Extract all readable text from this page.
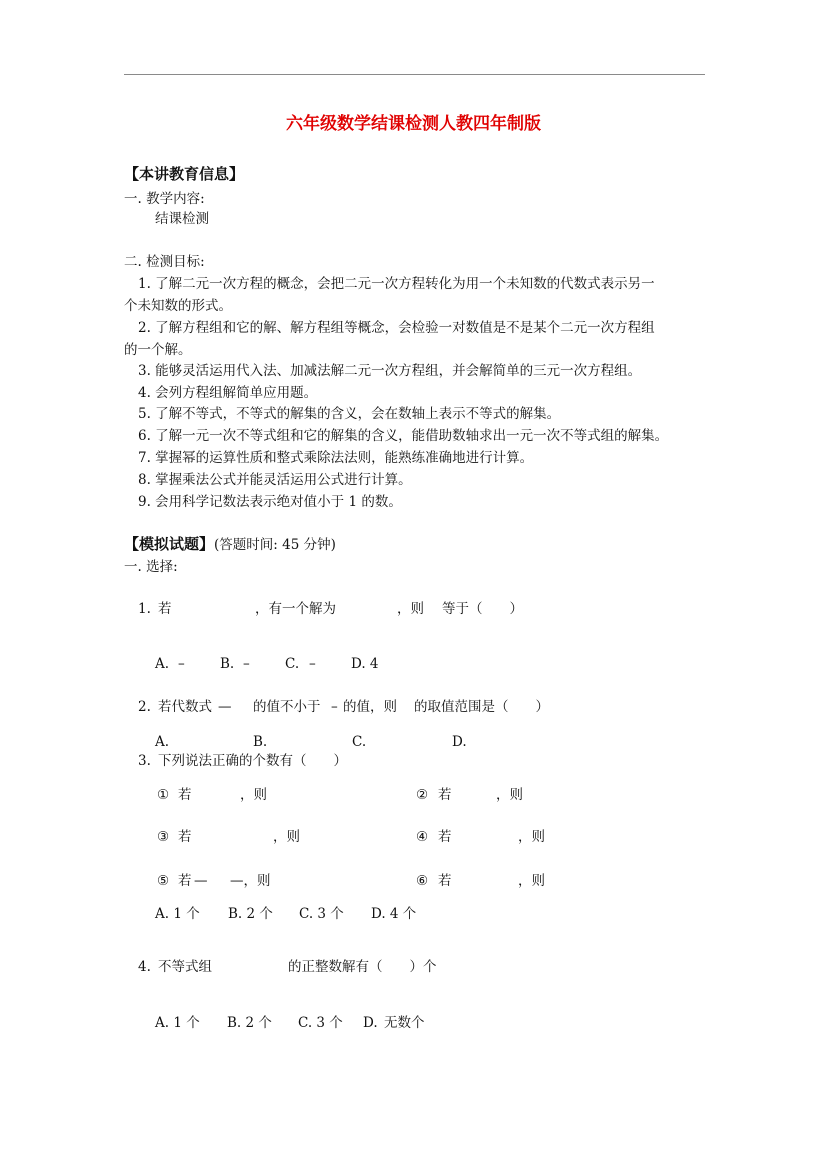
六年级数学结课检测人教四年制版
【本讲教育信息】
一. 教学内容:
结课检测
二. 检测目标:
1. 了解二元一次方程的概念，会把二元一次方程转化为用一个未知数的代数式表示另一
个未知数的形式。
2. 了解方程组和它的解、解方程组等概念，会检验一对数值是不是某个二元一次方程组
的一个解。
3. 能够灵活运用代入法、加减法解二元一次方程组，并会解简单的三元一次方程组。
4. 会列方程组解简单应用题。
5. 了解不等式，不等式的解集的含义，会在数轴上表示不等式的解集。
6. 了解一元一次不等式组和它的解集的含义，能借助数轴求出一元一次不等式组的解集。
7. 掌握幂的运算性质和整式乘除法法则，能熟练准确地进行计算。
8. 掌握乘法公式并能灵活运用公式进行计算。
9. 会用科学记数法表示绝对值小于 1 的数。
【模拟试题】(答题时间: 45 分钟)
一. 选择:
1. 若	，有一个解为	，则 等于（　　）
A. –	B. –	C. –	D. 4
2. 若代数式 — 的值不小于 – 的值，则 的取值范围是（　　）
A.	B.	C.	D.
3. 下列说法正确的个数有（　　）
① 若	，则	② 若	，则
③ 若	，则	④ 若	，则
⑤ 若 — —，则	⑥ 若	，则
A. 1 个 B. 2 个 C. 3 个 D. 4 个
4. 不等式组	的正整数解有（　　）个
A. 1 个 B. 2 个 C. 3 个 D. 无数个
